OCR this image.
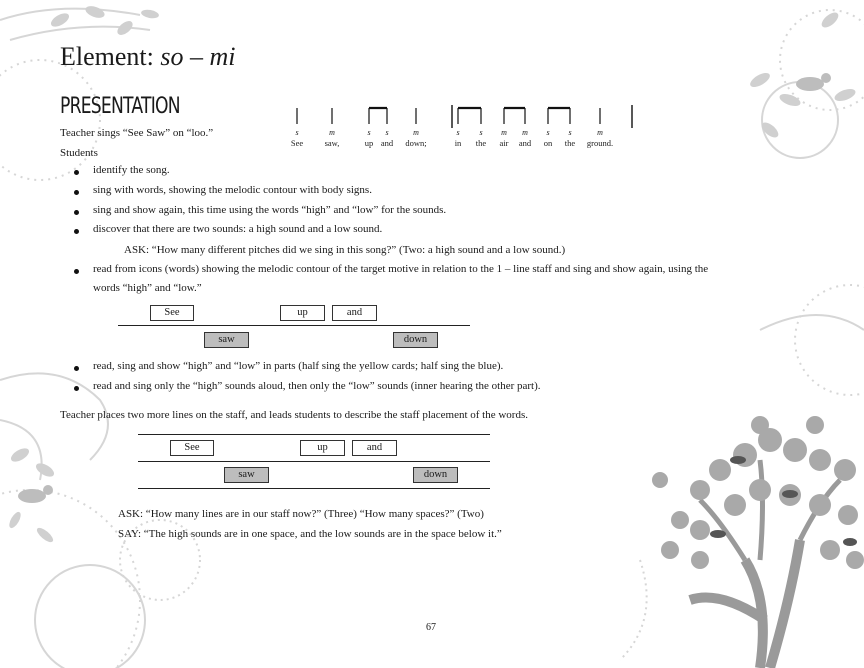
Element: so – mi
PRESENTATION
Teacher sings “See Saw” on “loo.”
Students
s	m	s s	m	s s m m s s	m
See	saw,	up and down;	in the air and on the ground.
identify the song.
sing with words, showing the melodic contour with body signs.
sing and show again, this time using the words “high” and “low” for the sounds.
discover that there are two sounds: a high sound and a low sound.
ASK: “How many different pitches did we sing in this song?” (Two: a high sound and a low sound.)
read from icons (words) showing the melodic contour of the target motive in relation to the 1 – line staff and sing and show again, using the
words “high” and “low.”
See	up	and
saw	down
read, sing and show “high” and “low” in parts (half sing the yellow cards; half sing the blue).
read and sing only the “high” sounds aloud, then only the “low” sounds (inner hearing the other part).
Teacher places two more lines on the staff, and leads students to describe the staff placement of the words.
See	up	and
saw	down
ASK: “How many lines are in our staff now?” (Three) “How many spaces?” (Two)
SAY: “The high sounds are in one space, and the low sounds are in the space below it.”
67
